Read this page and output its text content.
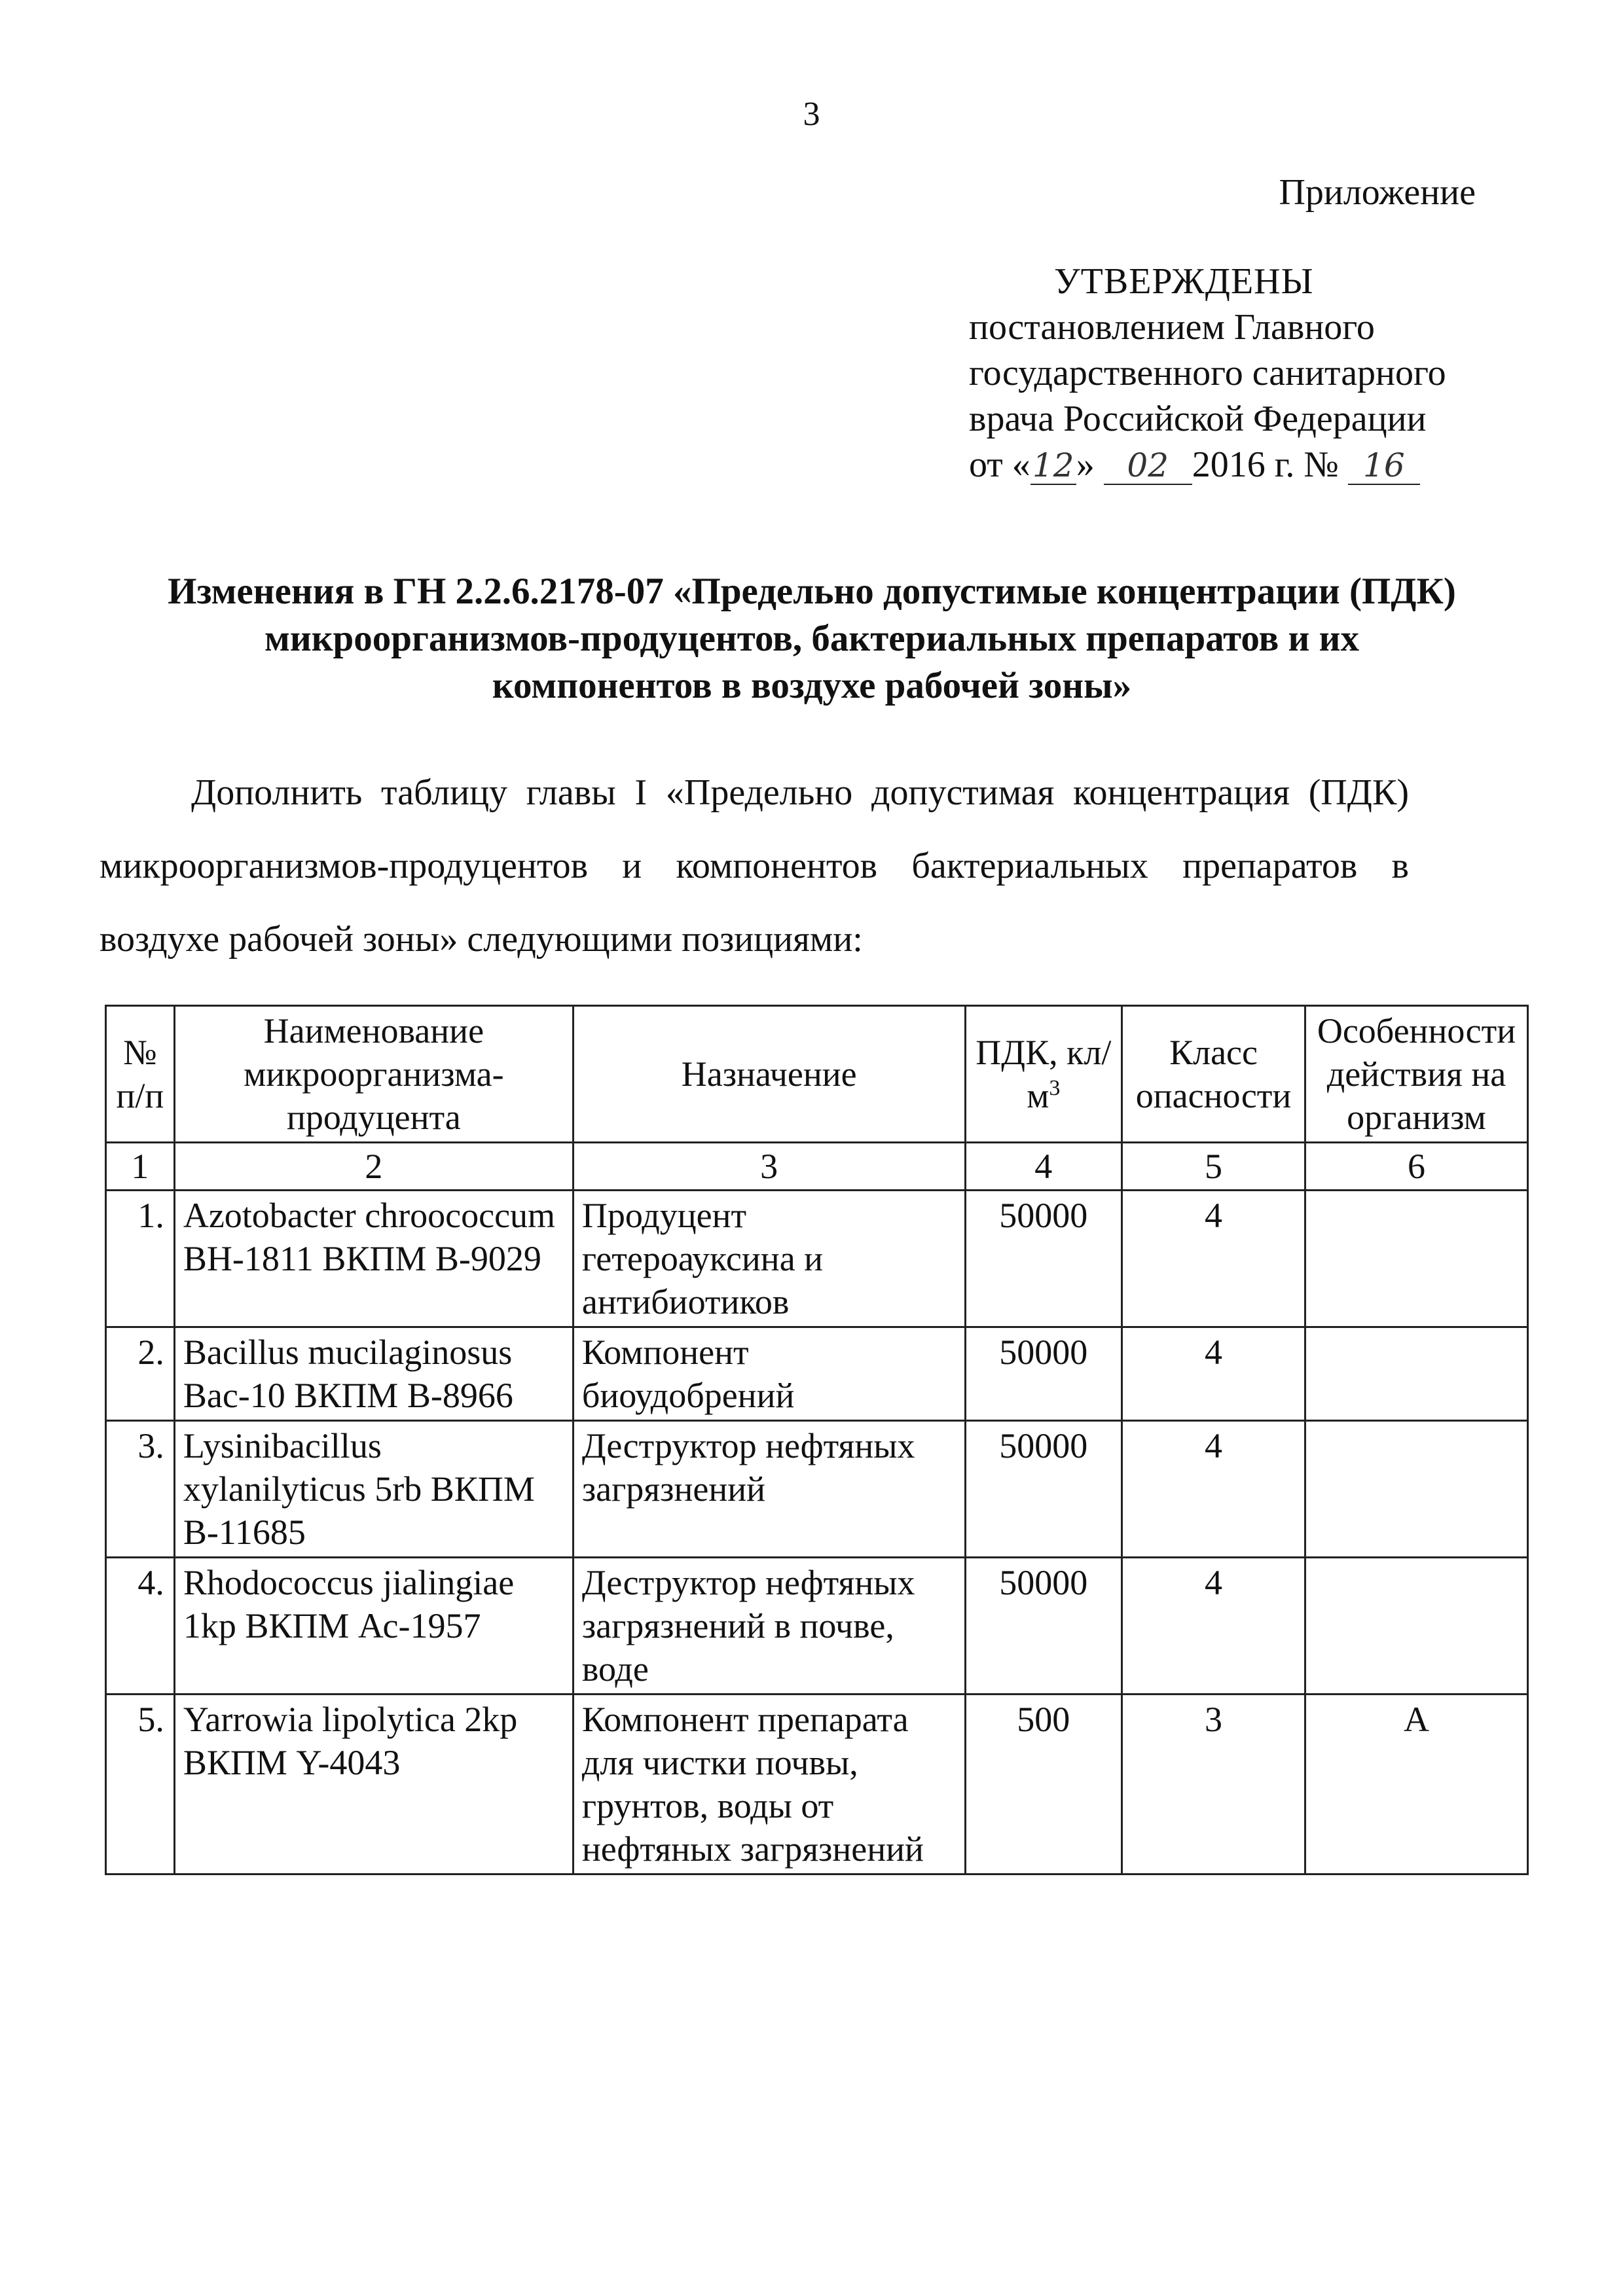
3
Приложение
УТВЕРЖДЕНЫ
постановлением Главного
государственного санитарного
врача Российской Федерации
от «12» 02 2016 г. № 16
Изменения в ГН 2.2.6.2178-07 «Предельно допустимые концентрации (ПДК)
микроорганизмов-продуцентов, бактериальных препаратов и их
компонентов в воздухе рабочей зоны»
Дополнить таблицу главы I «Предельно допустимая концентрация (ПДК) микроорганизмов-продуцентов и компонентов бактериальных препаратов в воздухе рабочей зоны» следующими позициями:
№ п/п	Наименование микроорганизма-продуцента	Назначение	ПДК, $кл/м^3$	Класс опасности	Особенности действия на организм
1	2	3	4	5	6
1.	Azotobacter chroococcum ВН-1811 ВКПМ В-9029	Продуцент гетероауксина и антибиотиков	50000	4	
2.	Bacillus mucilaginosus Bac-10 ВКПМ В-8966	Компонент биоудобрений	50000	4	
3.	Lysinibacillus xylanilyticus 5rb ВКПМ В-11685	Деструктор нефтяных загрязнений	50000	4	
4.	Rhodococcus jialingiae 1kp ВКПМ Ас-1957	Деструктор нефтяных загрязнений в почве, воде	50000	4	
5.	Yarrowia lipolytica 2kp ВКПМ Y-4043	Компонент препарата для чистки почвы, грунтов, воды от нефтяных загрязнений	500	3	А
